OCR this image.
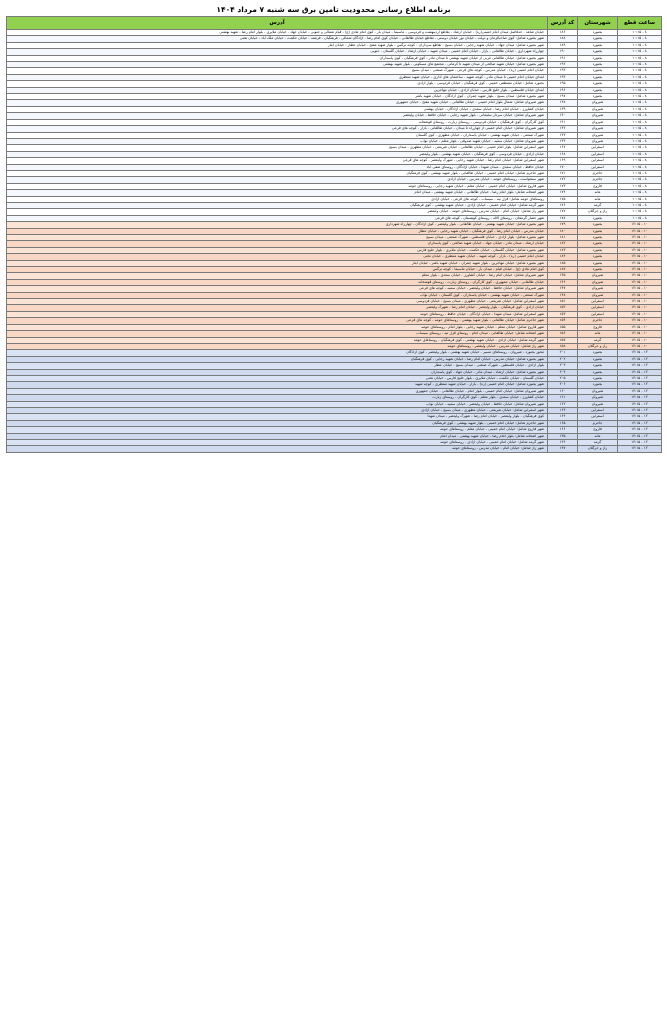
برنامه اطلاع رسانی محدودیت تامین برق سه شنبه ۷ مرداد ۱۴۰۴
ساعت قطع	شهرستان	کد آدرس	آدرس
۸ - ۱۰:۱۵	بجنورد	۱۸۶	خیابان شاهد - حدفاصل میدان امام خمینی(ره) - خیابان ارشاد - تقاطع اردیبهشت و فردوسی - ماسیما - میدان بار - کوی امام هادی (ع) - قیام شمالی و جنوبی - خیابان جهاد - خیابان ملایری - بلوار امام رضا - شهید بهشتی
۸ - ۱۰:۱۵	بجنورد	۱۸۸	شهر بجنورد شامل: کوی صاحبالزمان و دولت - خیابان نور خیابان دوستی - تقاطع خیابان طالقانی - خیابان کوی امام رضا - آزادگان شمالی - فرهنگیان - فرشته - خیابان حکمت - خیابان ملک آباد - خیابان تختی
۸ - ۱۰:۱۵	بجنورد	۱۸۹	شهر بجنورد شامل: میدان جهاد - خیابان شهید رجایی - خیابان بسیج - تقاطع سرداران - کوچه نرگس - بلوار شهید مفتح - خیابان عطار - خیابان ایثار
۸ - ۱۰:۱۵	بجنورد	۱۹۰	چهارراه شهرداری - خیابان طالقانی - بازار - خیابان امام خمینی - میدان شهید - خیابان ارشاد - خیابان گلستان - جنوبی
۸ - ۱۰:۱۵	بجنورد	۱۹۱	شهر بجنورد شامل: خیابان طالقانی غربی از خیابان شهید بهشتی تا میدان مادر - کوی فرهنگیان - کوی پاسداران
۸ - ۱۰:۱۵	بجنورد	۱۹۲	شهر بجنورد شامل: خیابان شهید صالحی از میدان شهید تا کرمانی - مجتمع های مسکونی - بلوار شهید بهشتی
۸ - ۱۰:۱۵	بجنورد	۱۹۳	خیابان امام خمینی (ره) - خیابان مدرس - کوچه های فرعی - شهرک صنعتی - میدان بسیج
۸ - ۱۰:۱۵	بجنورد	۱۹۴	ابتدای خیابان امام خمینی تا میدان مادر - کوچه شهید - ساختمان های اداری - خیابان شهید منتظری
۸ - ۱۰:۱۵	بجنورد	۱۹۵	بجنورد شامل: خیابان مصطفی خمینی - کوی فرهنگیان - خیابان فردوسی - بلوار آزادی
۸ - ۱۰:۱۵	بجنورد	۱۹۶	ابتدای خیابان فلسطین - بلوار خلیج فارس - خیابان آزادی - خیابان مهاجرین
۸ - ۱۰:۱۵	بجنورد	۱۹۷	شهر بجنورد شامل: میدان بسیج - بلوار شهید چمران - کوی آزادگان - خیابان شهید باهنر
۸ - ۱۰:۱۵	شیروان	۱۳۸	شهر شیروان شامل: شمال بلوار امام خمینی - خیابان طالقانی - خیابان شهید مفتح - خیابان جمهوری
۸ - ۱۰:۱۵	شیروان	۱۳۹	خیابان کشاورز - خیابان امام رضا - خیابان سعدی - خیابان آزادگان - خیابان بهشتی
۸ - ۱۰:۱۵	شیروان	۱۴۰	شهر شیروان شامل: خیابان سردار سلیمانی - بلوار شهید رجایی - خیابان حافظ - خیابان ولیعصر
۸ - ۱۰:۱۵	شیروان	۱۴۱	کوی کارگران - کوی فرهنگیان - خیابان فردوسی - روستای زیارت - روستای قوشخانه
۸ - ۱۰:۱۵	شیروان	۱۴۲	شهر شیروان شامل: خیابان امام خمینی از چهارراه تا میدان - خیابان طالقانی - بازار - کوچه های فرعی
۸ - ۱۰:۱۵	شیروان	۱۴۳	شهرک صنعتی - خیابان شهید بهشتی - خیابان پاسداران - خیابان مطهری - کوی گلستان
۸ - ۱۰:۱۵	شیروان	۱۴۴	شهر شیروان شامل: خیابان سمیه - خیابان شهید صدوقی - بلوار معلم - خیابان نواب
۸ - ۱۰:۱۵	اسفراین	۱۶۷	شهر اسفراین شامل: بلوار امام خمینی - خیابان طالقانی - خیابان شریعتی - خیابان مطهری - میدان بسیج
۸ - ۱۰:۱۵	اسفراین	۱۶۸	خیابان آزادی - خیابان فردوسی - کوی فرهنگیان - خیابان شهید بهشتی - بلوار ولیعصر
۸ - ۱۰:۱۵	اسفراین	۱۶۹	شهر اسفراین شامل: خیابان امام رضا - خیابان شهید رجایی - شهرک ولیعصر - کوچه های فرعی
۸ - ۱۰:۱۵	اسفراین	۱۷۰	خیابان حافظ - خیابان سعدی - میدان شهدا - خیابان آزادگان - روستای صفی آباد
۸ - ۱۰:۱۵	جاجرم	۱۷۱	شهر جاجرم شامل: خیابان امام خمینی - خیابان طالقانی - بلوار شهید بهشتی - کوی فرهنگیان
۸ - ۱۰:۱۵	جاجرم	۱۷۲	شهر سنخواست - روستاهای حومه - خیابان مدرس - خیابان آزادی
۸ - ۱۰:۱۵	فاروج	۱۷۳	شهر فاروج شامل: خیابان امام خمینی - خیابان معلم - خیابان شهید رجایی - روستاهای حومه
۸ - ۱۰:۱۵	مانه	۱۷۴	شهر آشخانه شامل: بلوار امام رضا - خیابان طالقانی - خیابان شهید بهشتی - میدان امام
۸ - ۱۰:۱۵	مانه	۱۷۵	روستاهای حومه شامل: قزل تپه - سیساب - کوچه های فرعی - خیابان آزادی
۸ - ۱۰:۱۵	گرمه	۱۷۶	شهر گرمه شامل: خیابان امام خمینی - خیابان آزادی - خیابان شهید بهشتی - کوی فرهنگیان
۸ - ۱۰:۱۵	راز و جرگلان	۱۷۷	شهر راز شامل: خیابان امام - خیابان مدرس - روستاهای حومه - خیابان ولیعصر
۸ - ۱۰:۱۵	بجنورد	۱۷۸	شهر حصار گرمخان - روستای آلاله - روستای کوهستان - کوچه های فرعی
۱۰ - ۱۲:۱۵	بجنورد	۱۷۹	شهر بجنورد شامل: خیابان شهید بهشتی - خیابان طالقانی - بلوار ولیعصر - کوی آزادگان - چهارراه شهرداری
۱۰ - ۱۲:۱۵	بجنورد	۱۸۰	خیابان مدرس - خیابان امام رضا - کوی فرهنگیان - خیابان شهید رجایی - خیابان عطار
۱۰ - ۱۲:۱۵	بجنورد	۱۸۱	شهر بجنورد شامل: بلوار آزادی - خیابان فلسطین - شهرک صنعتی - میدان بسیج
۱۰ - ۱۲:۱۵	بجنورد	۱۸۲	خیابان ارشاد - میدان مادر - خیابان جهاد - خیابان شهید صالحی - کوی پاسداران
۱۰ - ۱۲:۱۵	بجنورد	۱۸۳	شهر بجنورد شامل: خیابان گلستان - خیابان حکمت - خیابان ملایری - بلوار خلیج فارس
۱۰ - ۱۲:۱۵	بجنورد	۱۸۴	خیابان امام خمینی (ره) - بازار - کوچه شهید - خیابان شهید منتظری - خیابان تختی
۱۰ - ۱۲:۱۵	بجنورد	۱۸۵	شهر بجنورد شامل: خیابان مهاجرین - بلوار شهید چمران - خیابان شهید باهنر - خیابان ایثار
۱۰ - ۱۲:۱۵	بجنورد	۱۸۷	کوی امام هادی (ع) - خیابان قیام - میدان بار - خیابان ماسیما - کوچه نرگس
۱۰ - ۱۲:۱۵	شیروان	۱۴۵	شهر شیروان شامل: خیابان امام رضا - خیابان کشاورز - خیابان سعدی - بلوار معلم
۱۰ - ۱۲:۱۵	شیروان	۱۴۶	خیابان طالقانی - خیابان جمهوری - کوی کارگران - روستای زیارت - روستای قوشخانه
۱۰ - ۱۲:۱۵	شیروان	۱۴۷	شهر شیروان شامل: خیابان حافظ - خیابان ولیعصر - خیابان سمیه - کوچه های فرعی
۱۰ - ۱۲:۱۵	شیروان	۱۴۸	شهرک صنعتی - خیابان شهید بهشتی - خیابان پاسداران - کوی گلستان - خیابان نواب
۱۰ - ۱۲:۱۵	اسفراین	۱۵۱	شهر اسفراین شامل: خیابان شریعتی - خیابان مطهری - میدان بسیج - خیابان فردوسی
۱۰ - ۱۲:۱۵	اسفراین	۱۵۲	خیابان آزادی - کوی فرهنگیان - بلوار ولیعصر - خیابان امام رضا - شهرک ولیعصر
۱۰ - ۱۲:۱۵	اسفراین	۱۵۳	شهر اسفراین شامل: میدان شهدا - خیابان آزادگان - خیابان حافظ - روستاهای حومه
۱۰ - ۱۲:۱۵	جاجرم	۱۵۴	شهر جاجرم شامل: خیابان طالقانی - بلوار شهید بهشتی - روستاهای حومه - کوچه های فرعی
۱۰ - ۱۲:۱۵	فاروج	۱۵۵	شهر فاروج شامل: خیابان معلم - خیابان شهید رجایی - بلوار امام - روستاهای حومه
۱۰ - ۱۲:۱۵	مانه	۱۵۶	شهر آشخانه شامل: خیابان طالقانی - میدان امام - روستای قزل تپه - روستای سیساب
۱۰ - ۱۲:۱۵	گرمه	۱۵۷	شهر گرمه شامل: خیابان آزادی - خیابان شهید بهشتی - کوی فرهنگیان - روستاهای حومه
۱۰ - ۱۲:۱۵	راز و جرگلان	۱۵۸	شهر راز شامل: خیابان مدرس - خیابان ولیعصر - روستاهای حومه
۱۲ - ۱۴:۱۵	بجنورد	۲۰۱	محور بجنورد - شیروان - روستاهای مسیر - خیابان شهید بهشتی - بلوار ولیعصر - کوی آزادگان
۱۲ - ۱۴:۱۵	بجنورد	۲۰۲	شهر بجنورد شامل: خیابان مدرس - خیابان امام رضا - خیابان شهید رجایی - کوی فرهنگیان
۱۲ - ۱۴:۱۵	بجنورد	۲۰۳	بلوار آزادی - خیابان فلسطین - شهرک صنعتی - میدان بسیج - خیابان عطار
۱۲ - ۱۴:۱۵	بجنورد	۲۰۴	شهر بجنورد شامل: خیابان ارشاد - میدان مادر - خیابان جهاد - کوی پاسداران
۱۲ - ۱۴:۱۵	بجنورد	۲۰۵	خیابان گلستان - خیابان حکمت - خیابان ملایری - بلوار خلیج فارس - خیابان تختی
۱۲ - ۱۴:۱۵	بجنورد	۲۰۶	شهر بجنورد شامل: خیابان امام خمینی (ره) - بازار - خیابان شهید منتظری - کوچه شهید
۱۲ - ۱۴:۱۵	شیروان	۱۶۰	شهر شیروان شامل: خیابان امام خمینی - بلوار امام - خیابان طالقانی - خیابان جمهوری
۱۲ - ۱۴:۱۵	شیروان	۱۶۱	خیابان کشاورز - خیابان سعدی - بلوار معلم - کوی کارگران - روستای زیارت
۱۲ - ۱۴:۱۵	شیروان	۱۶۲	شهر شیروان شامل: خیابان حافظ - خیابان ولیعصر - خیابان سمیه - خیابان نواب
۱۲ - ۱۴:۱۵	اسفراین	۱۶۳	شهر اسفراین شامل: خیابان شریعتی - خیابان مطهری - میدان بسیج - خیابان آزادی
۱۲ - ۱۴:۱۵	اسفراین	۱۶۴	کوی فرهنگیان - بلوار ولیعصر - خیابان امام رضا - شهرک ولیعصر - میدان شهدا
۱۲ - ۱۴:۱۵	جاجرم	۱۶۵	شهر جاجرم شامل: خیابان امام خمینی - بلوار شهید بهشتی - کوی فرهنگیان
۱۲ - ۱۴:۱۵	فاروج	۱۶۶	شهر فاروج شامل: خیابان امام خمینی - خیابان معلم - روستاهای حومه
۱۲ - ۱۴:۱۵	مانه	۱۳۵	شهر آشخانه شامل: بلوار امام رضا - خیابان شهید بهشتی - میدان امام
۱۲ - ۱۴:۱۵	گرمه	۱۳۶	شهر گرمه شامل: خیابان امام خمینی - خیابان آزادی - روستاهای حومه
۱۲ - ۱۴:۱۵	راز و جرگلان	۱۳۷	شهر راز شامل: خیابان امام - خیابان مدرس - روستاهای حومه
